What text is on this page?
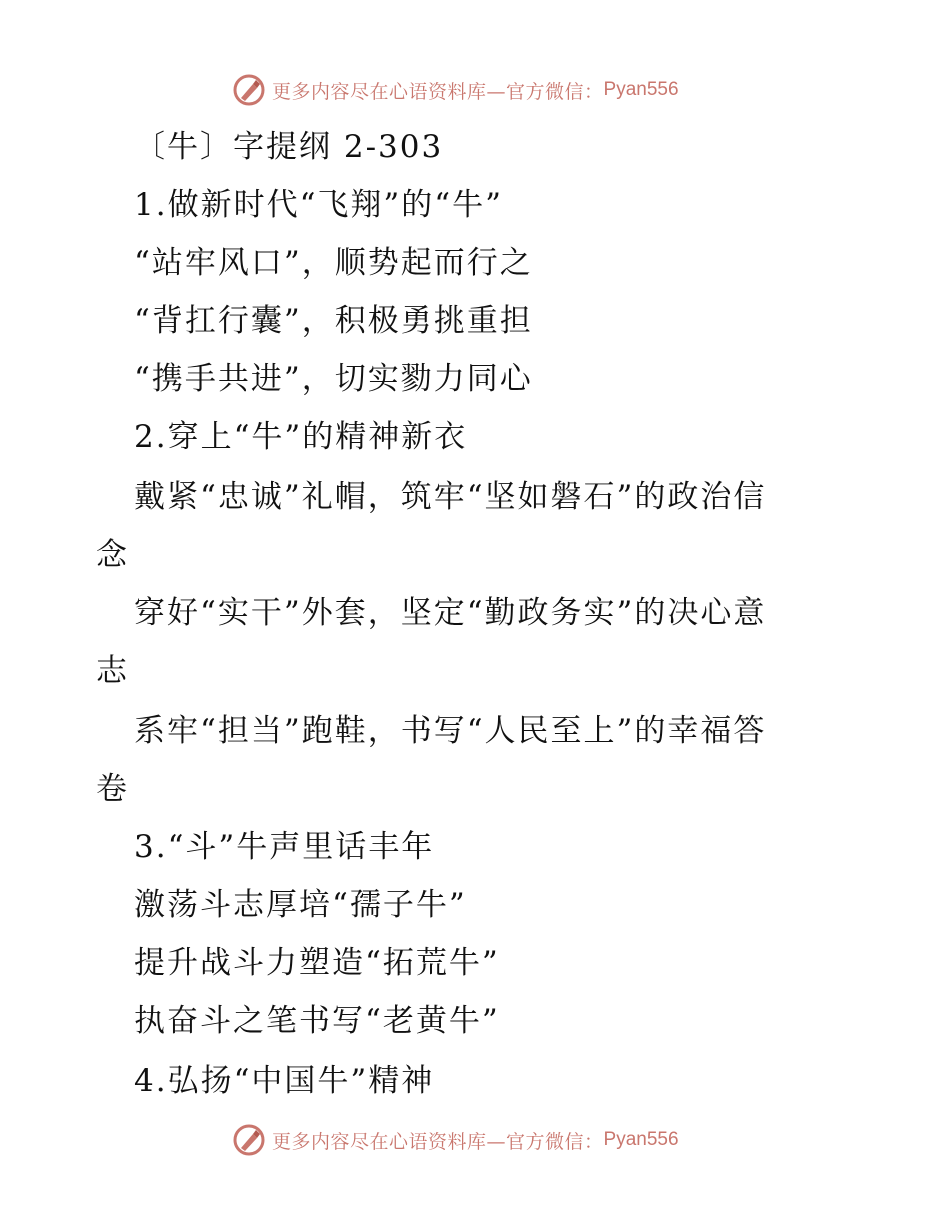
更多内容尽在心语资料库—官方微信： Pyan556
〔牛〕字提纲 2-303
1.做新时代“飞翔”的“牛”
“站牢风口”，顺势起而行之
“背扛行囊”，积极勇挑重担
“携手共进”，切实勠力同心
2.穿上“牛”的精神新衣
戴紧“忠诚”礼帽，筑牢“坚如磐石”的政治信
念
穿好“实干”外套，坚定“勤政务实”的决心意
志
系牢“担当”跑鞋，书写“人民至上”的幸福答
卷
3.“斗”牛声里话丰年
激荡斗志厚培“孺子牛”
提升战斗力塑造“拓荒牛”
执奋斗之笔书写“老黄牛”
4.弘扬“中国牛”精神
更多内容尽在心语资料库—官方微信： Pyan556
